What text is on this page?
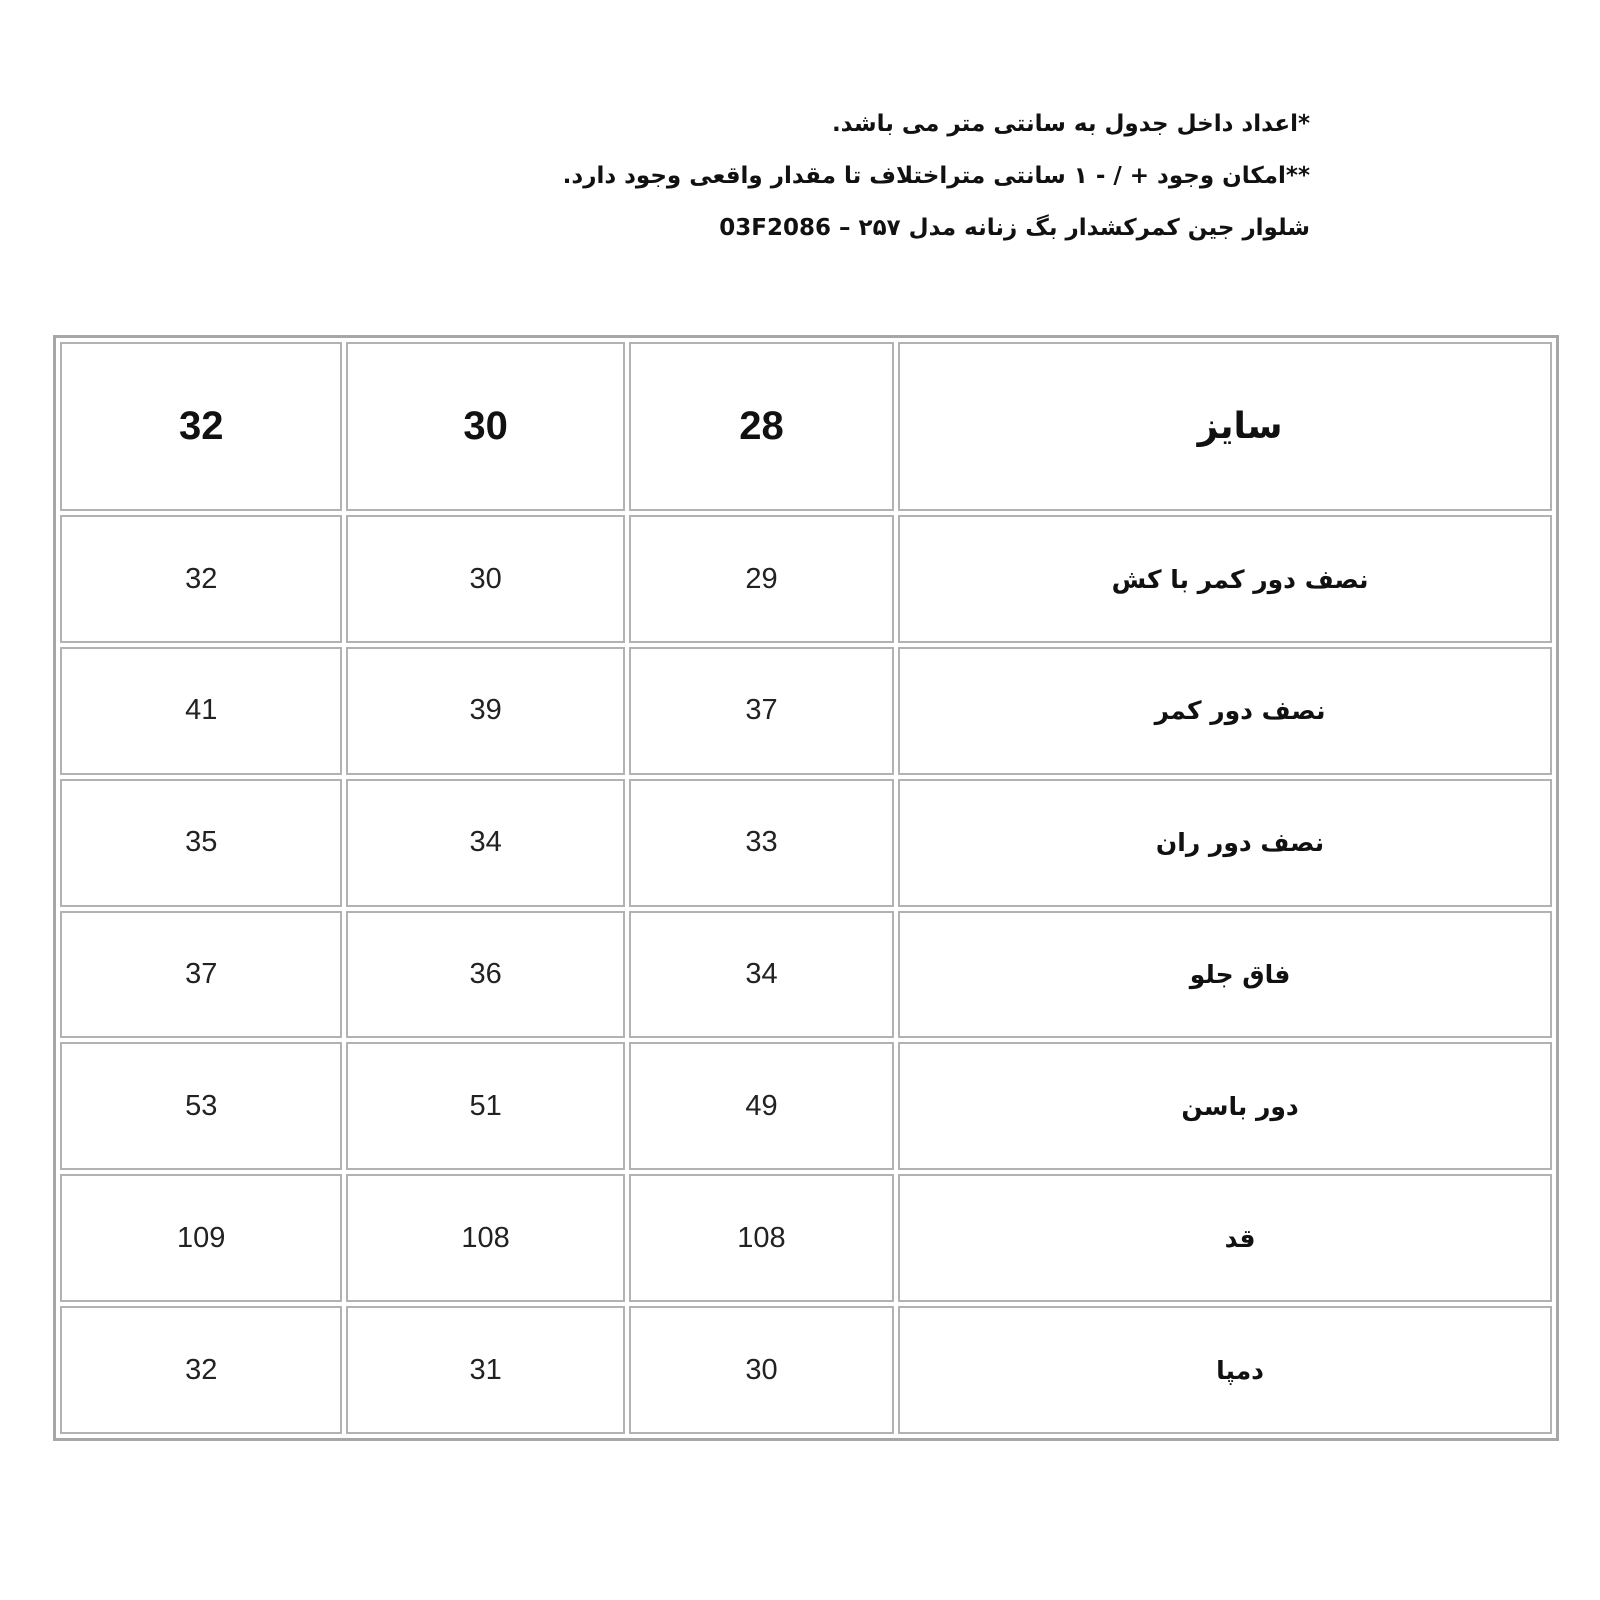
*اعداد داخل جدول به سانتی متر می باشد.
**امکان وجود + / - ۱ سانتی متراختلاف تا مقدار واقعی وجود دارد.
شلوار جین کمرکشدار بگ زنانه مدل ۲۵۷ – 03F2086
سایز	28	30	32
نصف دور کمر با کش	29	30	32
نصف دور کمر	37	39	41
نصف دور ران	33	34	35
فاق جلو	34	36	37
دور باسن	49	51	53
قد	108	108	109
دمپا	30	31	32
